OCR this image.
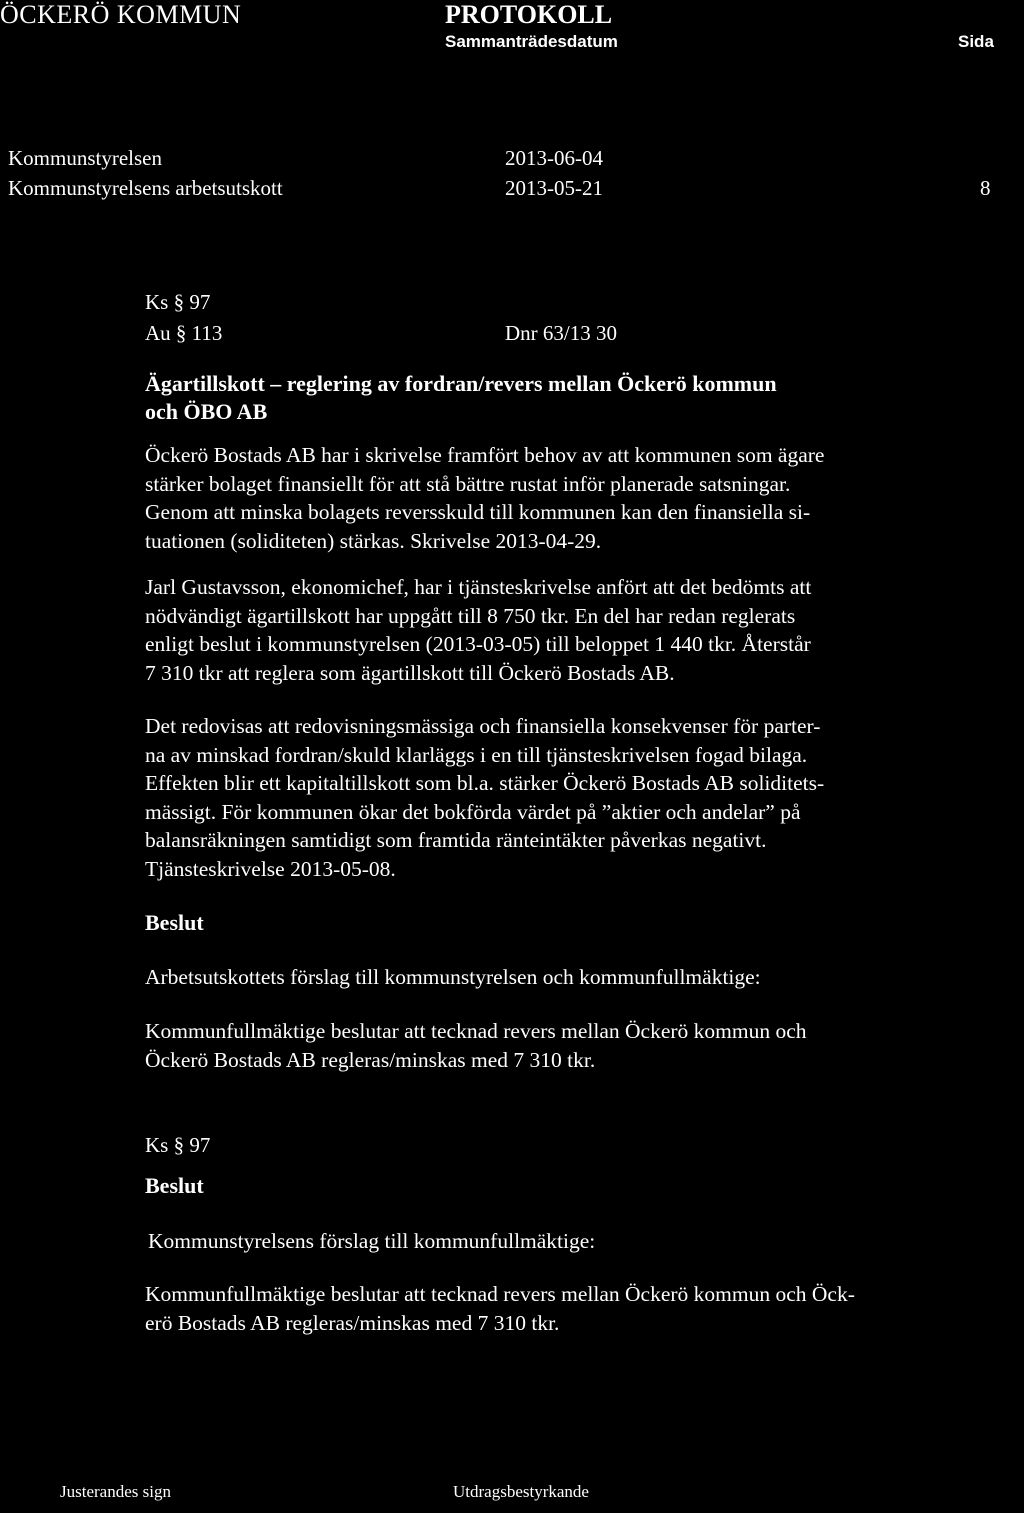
ÖCKERÖ KOMMUN	PROTOKOLL
Sammanträdesdatum	Sida
Kommunstyrelsen	2013-06-04
Kommunstyrelsens arbetsutskott	2013-05-21	8
Ks § 97
Au § 113	Dnr 63/13 30
Ägartillskott – reglering av fordran/revers mellan Öckerö kommun
och ÖBO AB
Öckerö Bostads AB har i skrivelse framfört behov av att kommunen som ägare
stärker bolaget finansiellt för att stå bättre rustat inför planerade satsningar.
Genom att minska bolagets reversskuld till kommunen kan den finansiella si-
tuationen (soliditeten) stärkas. Skrivelse 2013-04-29.
Jarl Gustavsson, ekonomichef, har i tjänsteskrivelse anfört att det bedömts att
nödvändigt ägartillskott har uppgått till 8 750 tkr. En del har redan reglerats
enligt beslut i kommunstyrelsen (2013-03-05) till beloppet 1 440 tkr. Återstår
7 310 tkr att reglera som ägartillskott till Öckerö Bostads AB.
Det redovisas att redovisningsmässiga och finansiella konsekvenser för parter-
na av minskad fordran/skuld klarläggs i en till tjänsteskrivelsen fogad bilaga.
Effekten blir ett kapitaltillskott som bl.a. stärker Öckerö Bostads AB soliditets-
mässigt. För kommunen ökar det bokförda värdet på ”aktier och andelar” på
balansräkningen samtidigt som framtida ränteintäkter påverkas negativt.
Tjänsteskrivelse 2013-05-08.
Beslut
Arbetsutskottets förslag till kommunstyrelsen och kommunfullmäktige:
Kommunfullmäktige beslutar att tecknad revers mellan Öckerö kommun och
Öckerö Bostads AB regleras/minskas med 7 310 tkr.
Ks § 97
Beslut
Kommunstyrelsens förslag till kommunfullmäktige:
Kommunfullmäktige beslutar att tecknad revers mellan Öckerö kommun och Öck-
erö Bostads AB regleras/minskas med 7 310 tkr.
Justerandes sign	Utdragsbestyrkande
